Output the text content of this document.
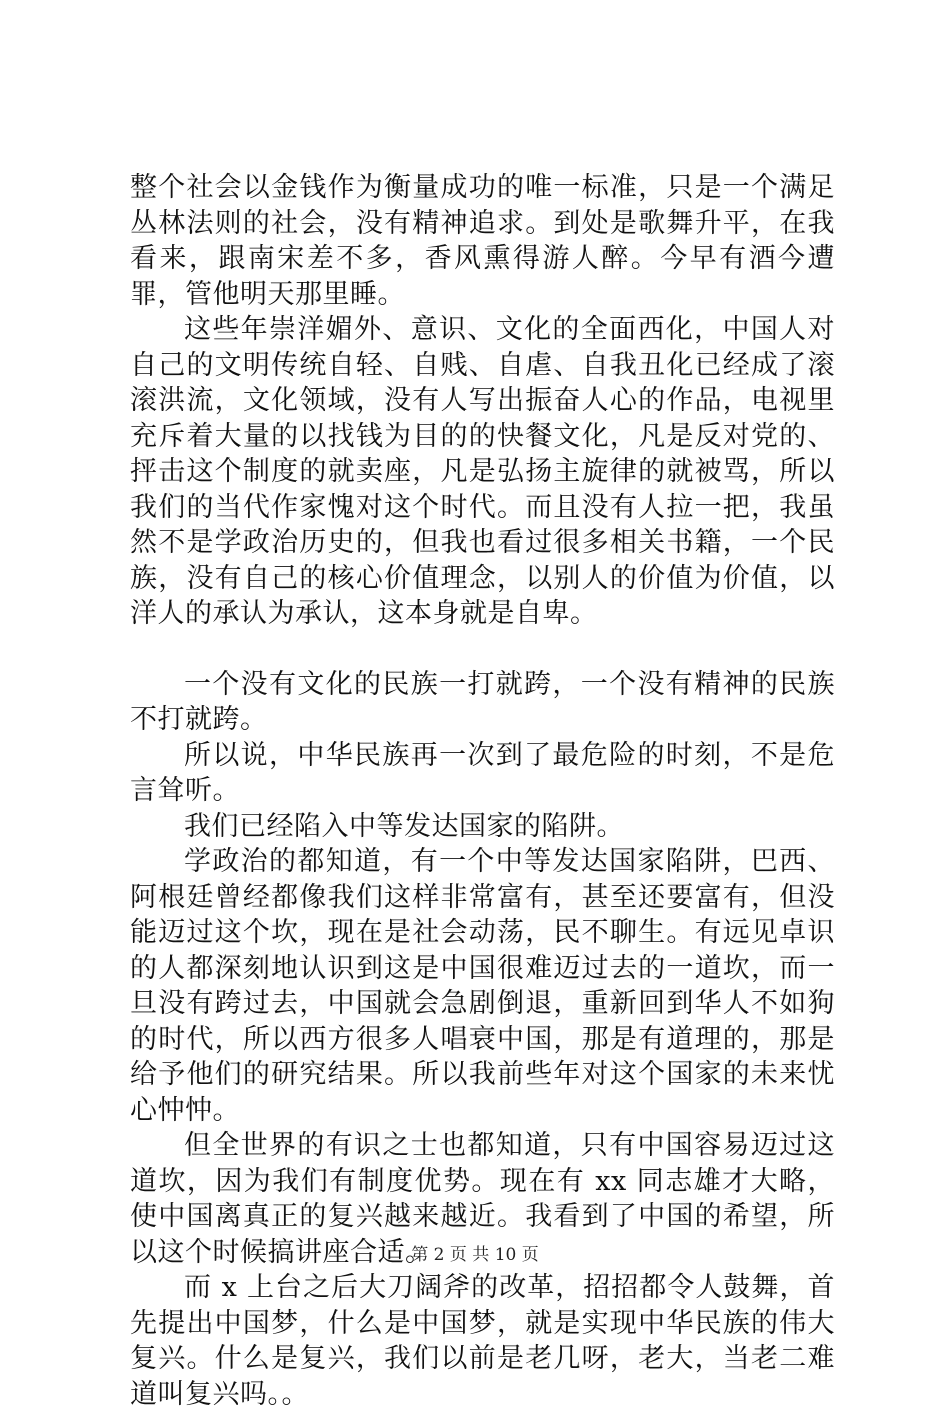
整个社会以金钱作为衡量成功的唯一标准，只是一个满足丛林法则的社会，没有精神追求。到处是歌舞升平，在我看来，跟南宋差不多，香风熏得游人醉。今早有酒今遭罪，管他明天那里睡。

这些年崇洋媚外、意识、文化的全面西化，中国人对自己的文明传统自轻、自贱、自虐、自我丑化已经成了滚滚洪流，文化领域，没有人写出振奋人心的作品，电视里充斥着大量的以找钱为目的的快餐文化，凡是反对党的、抨击这个制度的就卖座，凡是弘扬主旋律的就被骂，所以我们的当代作家愧对这个时代。而且没有人拉一把，我虽然不是学政治历史的，但我也看过很多相关书籍，一个民族，没有自己的核心价值理念，以别人的价值为价值，以洋人的承认为承认，这本身就是自卑。

一个没有文化的民族一打就跨，一个没有精神的民族不打就跨。

所以说，中华民族再一次到了最危险的时刻，不是危言耸听。

我们已经陷入中等发达国家的陷阱。

学政治的都知道，有一个中等发达国家陷阱，巴西、阿根廷曾经都像我们这样非常富有，甚至还要富有，但没能迈过这个坎，现在是社会动荡，民不聊生。有远见卓识的人都深刻地认识到这是中国很难迈过去的一道坎，而一旦没有跨过去，中国就会急剧倒退，重新回到华人不如狗的时代，所以西方很多人唱衰中国，那是有道理的，那是给予他们的研究结果。所以我前些年对这个国家的未来忧心忡忡。

但全世界的有识之士也都知道，只有中国容易迈过这道坎，因为我们有制度优势。现在有 xx 同志雄才大略，使中国离真正的复兴越来越近。我看到了中国的希望，所以这个时候搞讲座合适。

而 x 上台之后大刀阔斧的改革，招招都令人鼓舞，首先提出中国梦，什么是中国梦，就是实现中华民族的伟大复兴。什么是复兴，我们以前是老几呀，老大，当老二难道叫复兴吗。。

第 2 页 共 10 页
